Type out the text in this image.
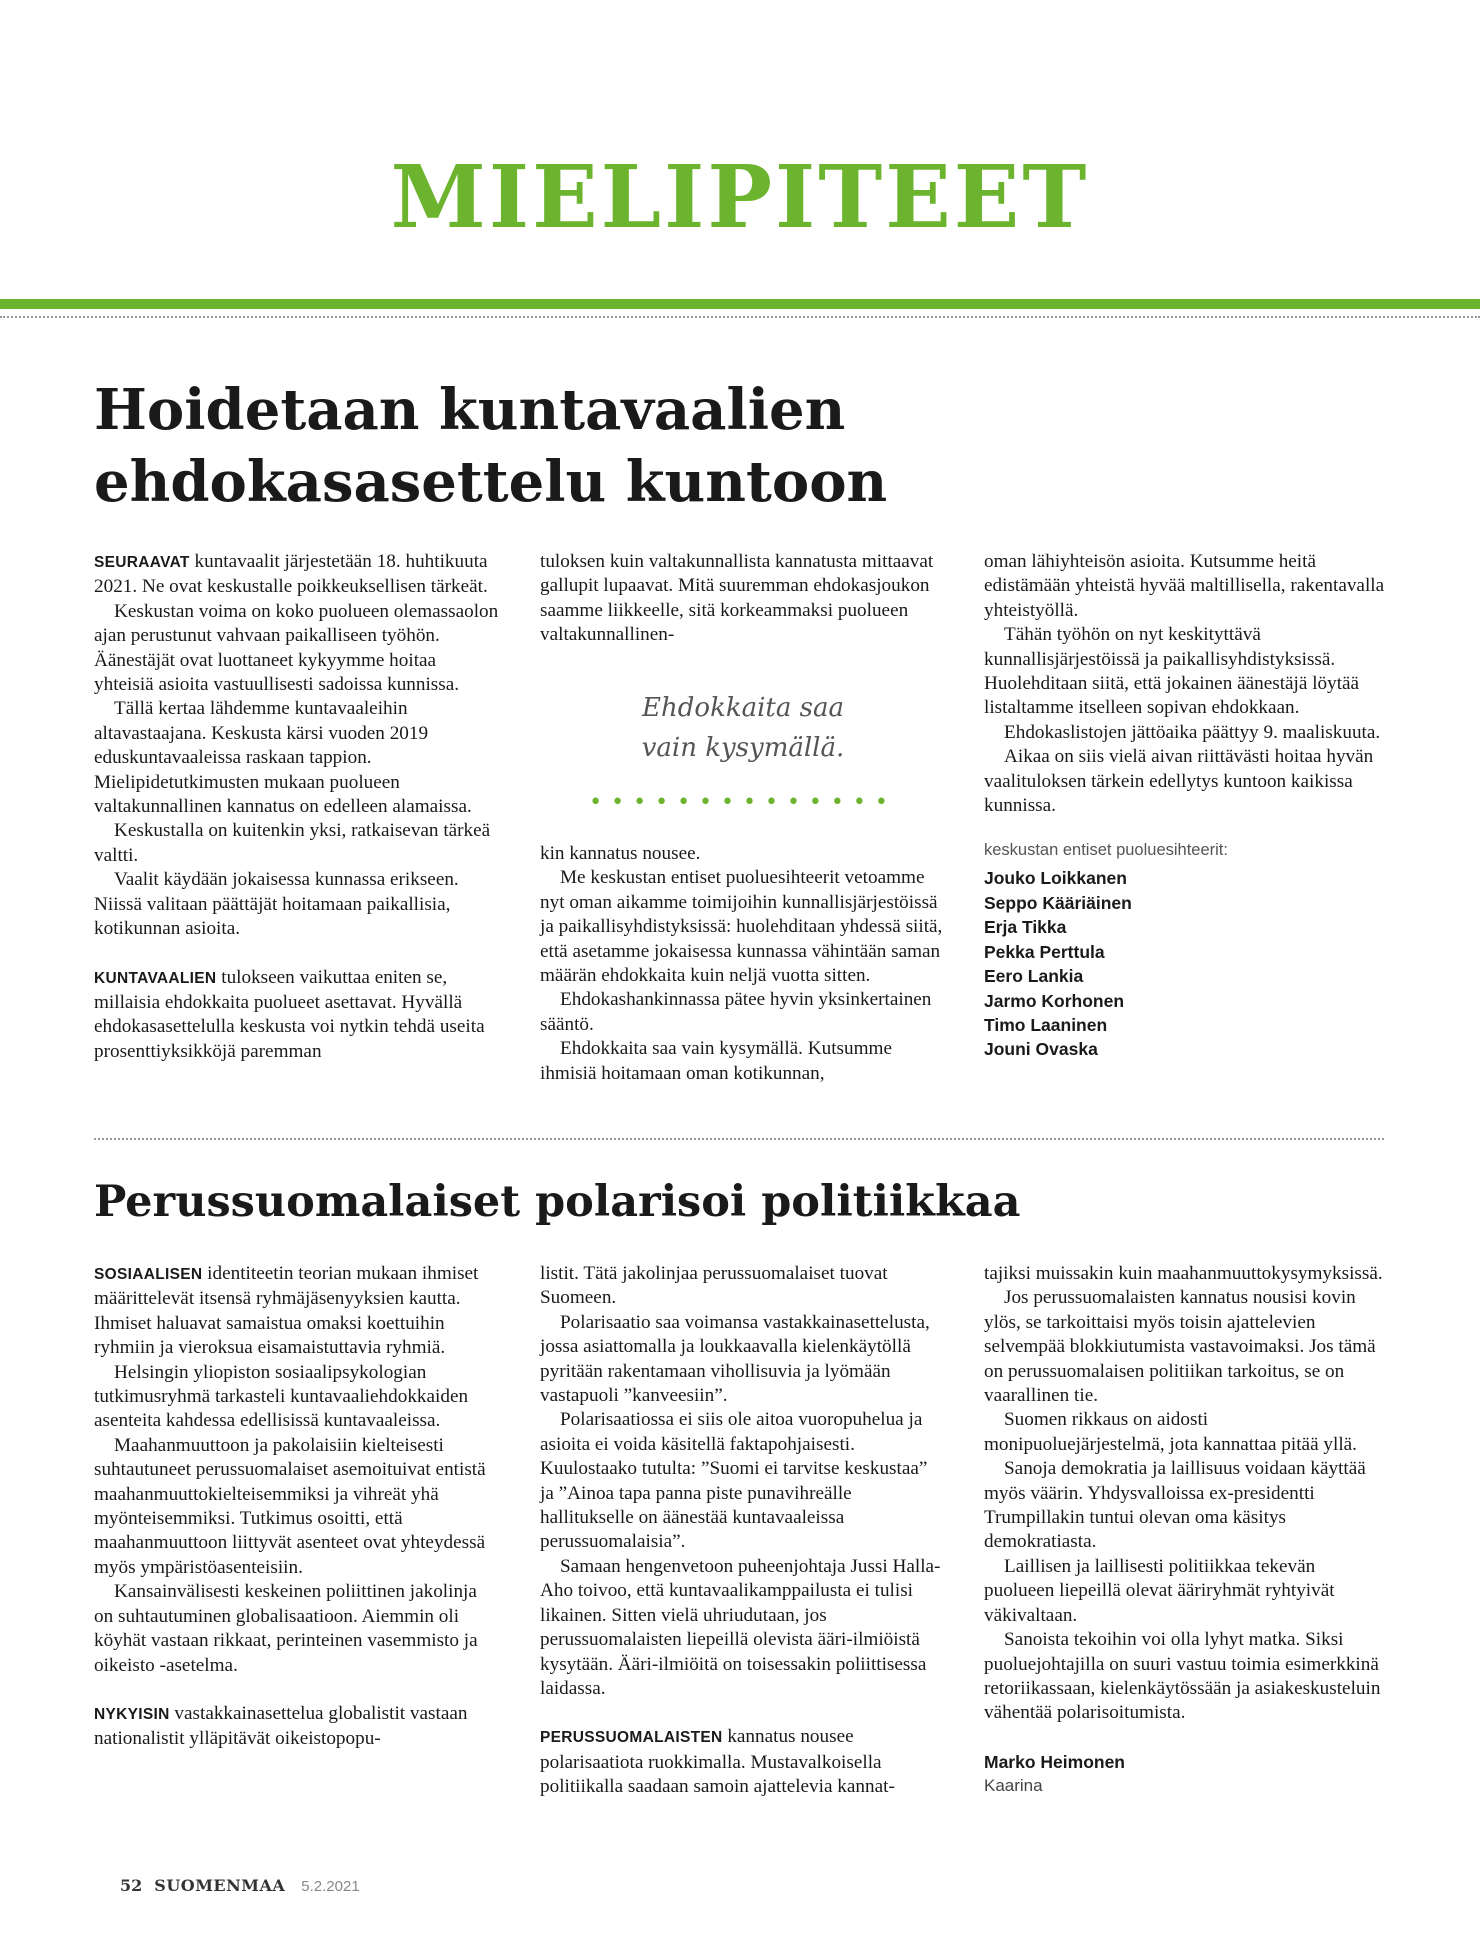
MIELIPITEET
Hoidetaan kuntavaalien
ehdokasasettelu kuntoon

SEURAAVAT kuntavaalit järjestetään 18. huhtikuuta 2021. Ne ovat keskustalle poikkeuksellisen tärkeät.

Keskustan voima on koko puolueen olemassaolon ajan perustunut vahvaan paikalliseen työhön. Äänestäjät ovat luottaneet kykyymme hoitaa yhteisiä asioita vastuullisesti sadoissa kunnissa.

Tällä kertaa lähdemme kuntavaaleihin altavastaajana. Keskusta kärsi vuoden 2019 eduskuntavaaleissa raskaan tappion. Mielipidetutkimusten mukaan puolueen valtakunnallinen kannatus on edelleen alamaissa.

Keskustalla on kuitenkin yksi, ratkaisevan tärkeä valtti.

Vaalit käydään jokaisessa kunnassa erikseen. Niissä valitaan päättäjät hoitamaan paikallisia, kotikunnan asioita.

KUNTAVAALIEN tulokseen vaikuttaa eniten se, millaisia ehdokkaita puolueet asettavat. Hyvällä ehdokasasettelulla keskusta voi nytkin tehdä useita prosenttiyksikköjä paremman

tuloksen kuin valtakunnallista kannatusta mittaavat gallupit lupaavat. Mitä suuremman ehdokasjoukon saamme liikkeelle, sitä korkeammaksi puolueen valtakunnallinen-

Ehdokkaita saa
vain kysymällä.
••••••••••••••

kin kannatus nousee.

Me keskustan entiset puoluesihteerit vetoamme nyt oman aikamme toimijoihin kunnallisjärjestöissä ja paikallisyhdistyksissä: huolehditaan yhdessä siitä, että asetamme jokaisessa kunnassa vähintään saman määrän ehdokkaita kuin neljä vuotta sitten.

Ehdokashankinnassa pätee hyvin yksinkertainen sääntö.

Ehdokkaita saa vain kysymällä. Kutsumme ihmisiä hoitamaan oman kotikunnan,

oman lähiyhteisön asioita. Kutsumme heitä edistämään yhteistä hyvää maltillisella, rakentavalla yhteistyöllä.

Tähän työhön on nyt keskityttävä kunnallisjärjestöissä ja paikallisyhdistyksissä. Huolehditaan siitä, että jokainen äänestäjä löytää listaltamme itselleen sopivan ehdokkaan.

Ehdokaslistojen jättöaika päättyy 9. maaliskuuta.

Aikaa on siis vielä aivan riittävästi hoitaa hyvän vaalituloksen tärkein edellytys kuntoon kaikissa kunnissa.

keskustan entiset puoluesihteerit:

Jouko Loikkanen

Seppo Kääriäinen

Erja Tikka

Pekka Perttula

Eero Lankia

Jarmo Korhonen

Timo Laaninen

Jouni Ovaska

Perussuomalaiset polarisoi politiikkaa

SOSIAALISEN identiteetin teorian mukaan ihmiset määrittelevät itsensä ryhmäjäsenyyksien kautta. Ihmiset haluavat samaistua omaksi koettuihin ryhmiin ja vieroksua eisamaistuttavia ryhmiä.

Helsingin yliopiston sosiaalipsykologian tutkimusryhmä tarkasteli kuntavaaliehdokkaiden asenteita kahdessa edellisissä kuntavaaleissa.

Maahanmuuttoon ja pakolaisiin kielteisesti suhtautuneet perussuomalaiset asemoituivat entistä maahanmuuttokielteisemmiksi ja vihreät yhä myönteisemmiksi. Tutkimus osoitti, että maahanmuuttoon liittyvät asenteet ovat yhteydessä myös ympäristöasenteisiin.

Kansainvälisesti keskeinen poliittinen jakolinja on suhtautuminen globalisaatioon. Aiemmin oli köyhät vastaan rikkaat, perinteinen vasemmisto ja oikeisto -asetelma.

NYKYISIN vastakkainasettelua globalistit vastaan nationalistit ylläpitävät oikeistopopu-

listit. Tätä jakolinjaa perussuomalaiset tuovat Suomeen.

Polarisaatio saa voimansa vastakkainasettelusta, jossa asiattomalla ja loukkaavalla kielenkäytöllä pyritään rakentamaan vihollisuvia ja lyömään vastapuoli ”kanveesiin”.

Polarisaatiossa ei siis ole aitoa vuoropuhelua ja asioita ei voida käsitellä faktapohjaisesti. Kuulostaako tutulta: ”Suomi ei tarvitse keskustaa” ja ”Ainoa tapa panna piste punavihreälle hallitukselle on äänestää kuntavaaleissa perussuomalaisia”.

Samaan hengenvetoon puheenjohtaja Jussi Halla-Aho toivoo, että kuntavaalikamppailusta ei tulisi likainen. Sitten vielä uhriudutaan, jos perussuomalaisten liepeillä olevista ääri-ilmiöistä kysytään. Ääri-ilmiöitä on toisessakin poliittisessa laidassa.

PERUSSUOMALAISTEN kannatus nousee polarisaatiota ruokkimalla. Mustavalkoisella politiikalla saadaan samoin ajattelevia kannat-

tajiksi muissakin kuin maahanmuuttokysymyksissä.

Jos perussuomalaisten kannatus nousisi kovin ylös, se tarkoittaisi myös toisin ajattelevien selvempää blokkiutumista vastavoimaksi. Jos tämä on perussuomalaisen politiikan tarkoitus, se on vaarallinen tie.

Suomen rikkaus on aidosti monipuoluejärjestelmä, jota kannattaa pitää yllä.

Sanoja demokratia ja laillisuus voidaan käyttää myös väärin. Yhdysvalloissa ex-presidentti Trumpillakin tuntui olevan oma käsitys demokratiasta.

Laillisen ja laillisesti politiikkaa tekevän puolueen liepeillä olevat ääriryhmät ryhtyivät väkivaltaan.

Sanoista tekoihin voi olla lyhyt matka. Siksi puoluejohtajilla on suuri vastuu toimia esimerkkinä retoriikassaan, kielenkäytössään ja asiakeskusteluin vähentää polarisoitumista.

Marko Heimonen

Kaarina

52 SUOMENMAA 5.2.2021
